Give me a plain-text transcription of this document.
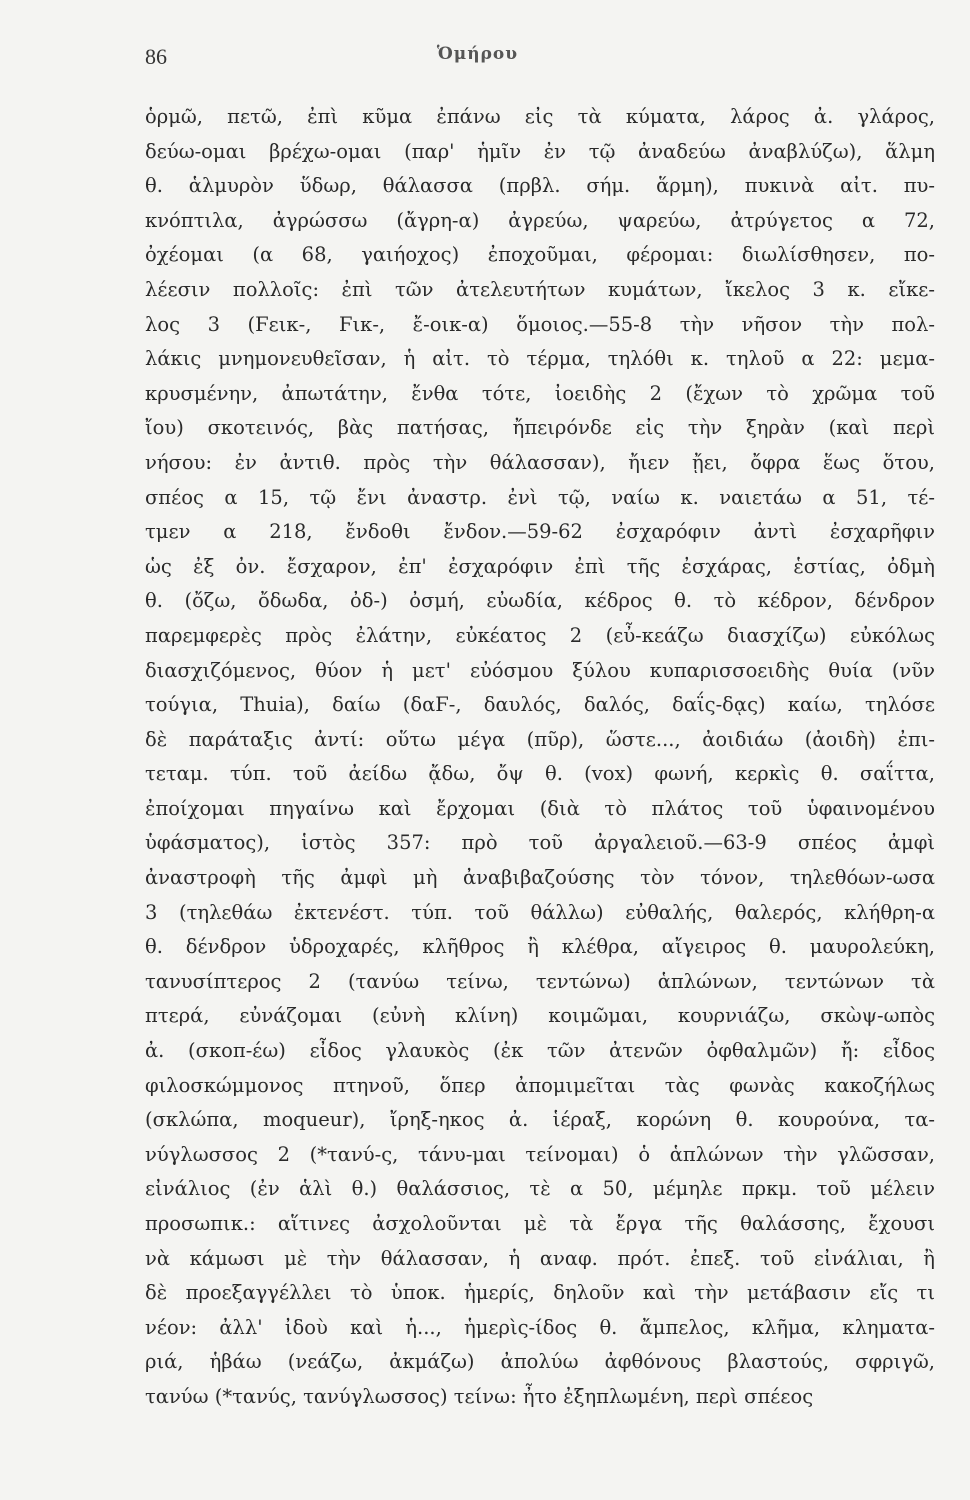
86	Ὁμήρου
ὁρμῶ, πετῶ, ἐπὶ κῦμα ἐπάνω εἰς τὰ κύματα, λάρος ἀ. γλάρος,
δεύω-ομαι βρέχω-ομαι (παρ' ἡμῖν ἐν τῷ ἀναδεύω ἀναβλύζω), ἅλμη
θ. ἁλμυρὸν ὕδωρ, θάλασσα (πρβλ. σήμ. ἅρμη), πυκινὰ αἰτ. πυ-
κνόπτιλα, ἀγρώσσω (ἄγρη-α) ἀγρεύω, ψαρεύω, ἀτρύγετος α 72,
ὀχέομαι (α 68, γαιήοχος) ἐποχοῦμαι, φέρομαι: διωλίσθησεν, πο-
λέεσιν πολλοῖς: ἐπὶ τῶν ἀτελευτήτων κυμάτων, ἴκελος 3 κ. εἴκε-
λος 3 (Ϝεικ-, Ϝικ-, ἔ-οικ-α) ὅμοιος.—55-8 τὴν νῆσον τὴν πολ-
λάκις μνημονευθεῖσαν, ἡ αἰτ. τὸ τέρμα, τηλόθι κ. τηλοῦ α 22: μεμα-
κρυσμένην, ἀπωτάτην, ἔνθα τότε, ἰοειδὴς 2 (ἔχων τὸ χρῶμα τοῦ
ἴου) σκοτεινός, βὰς πατήσας, ἤπειρόνδε εἰς τὴν ξηρὰν (καὶ περὶ
νήσου: ἐν ἀντιθ. πρὸς τὴν θάλασσαν), ἤιεν ᾔει, ὄφρα ἕως ὅτου,
σπέος α 15, τῷ ἔνι ἀναστρ. ἐνὶ τῷ, ναίω κ. ναιετάω α 51, τέ-
τμεν α 218, ἔνδοθι ἔνδον.—59-62 ἐσχαρόφιν ἀντὶ ἐσχαρῆφιν
ὡς ἐξ ὀν. ἔσχαρον, ἐπ' ἐσχαρόφιν ἐπὶ τῆς ἐσχάρας, ἑστίας, ὀδμὴ
θ. (ὄζω, ὄδωδα, ὀδ-) ὀσμή, εὐωδία, κέδρος θ. τὸ κέδρον, δένδρον
παρεμφερὲς πρὸς ἐλάτην, εὐκέατος 2 (εὖ-κεάζω διασχίζω) εὐκόλως
διασχιζόμενος, θύον ἡ μετ' εὐόσμου ξύλου κυπαρισσοειδὴς θυία (νῦν
τούγια, Thuia), δαίω (δαϜ-, δαυλός, δαλός, δαΐς-δᾳς) καίω, τηλόσε
δὲ παράταξις ἀντί: οὕτω μέγα (πῦρ), ὥστε..., ἀοιδιάω (ἀοιδὴ) ἐπι-
τεταμ. τύπ. τοῦ ἀείδω ᾄδω, ὄψ θ. (vox) φωνή, κερκὶς θ. σαΐττα,
ἐποίχομαι πηγαίνω καὶ ἔρχομαι (διὰ τὸ πλάτος τοῦ ὑφαινομένου
ὑφάσματος), ἱστὸς 357: πρὸ τοῦ ἀργαλειοῦ.—63-9 σπέος ἀμφὶ
ἀναστροφὴ τῆς ἀμφὶ μὴ ἀναβιβαζούσης τὸν τόνον, τηλεθόων-ωσα
3 (τηλεθάω ἐκτενέστ. τύπ. τοῦ θάλλω) εὐθαλής, θαλερός, κλήθρη-α
θ. δένδρον ὑδροχαρές, κλῆθρος ἢ κλέθρα, αἴγειρος θ. μαυρολεύκη,
τανυσίπτερος 2 (τανύω τείνω, τεντώνω) ἁπλώνων, τεντώνων τὰ
πτερά, εὐνάζομαι (εὐνὴ κλίνη) κοιμῶμαι, κουρνιάζω, σκὼψ-ωπὸς
ἀ. (σκοπ-έω) εἶδος γλαυκὸς (ἐκ τῶν ἀτενῶν ὀφθαλμῶν) ἤ: εἶδος
φιλοσκώμμονος πτηνοῦ, ὅπερ ἀπομιμεῖται τὰς φωνὰς κακοζήλως
(σκλώπα, moqueur), ἴρηξ-ηκος ἀ. ἱέραξ, κορώνη θ. κουρούνα, τα-
νύγλωσσος 2 (*τανύ-ς, τάνυ-μαι τείνομαι) ὁ ἁπλώνων τὴν γλῶσσαν,
εἰνάλιος (ἐν ἁλὶ θ.) θαλάσσιος, τὲ α 50, μέμηλε πρκμ. τοῦ μέλειν
προσωπικ.: αἵτινες ἀσχολοῦνται μὲ τὰ ἔργα τῆς θαλάσσης, ἔχουσι
νὰ κάμωσι μὲ τὴν θάλασσαν, ἡ αναφ. πρότ. ἐπεξ. τοῦ εἰνάλιαι, ἢ
δὲ προεξαγγέλλει τὸ ὑποκ. ἡμερίς, δηλοῦν καὶ τὴν μετάβασιν εἴς τι
νέον: ἀλλ' ἰδοὺ καὶ ἡ..., ἡμερὶς-ίδος θ. ἄμπελος, κλῆμα, κληματα-
ριά, ἡβάω (νεάζω, ἀκμάζω) ἀπολύω ἀφθόνους βλαστούς, σφριγῶ,
τανύω (*τανύς, τανύγλωσσος) τείνω: ἦτο ἐξηπλωμένη, περὶ σπέεος
